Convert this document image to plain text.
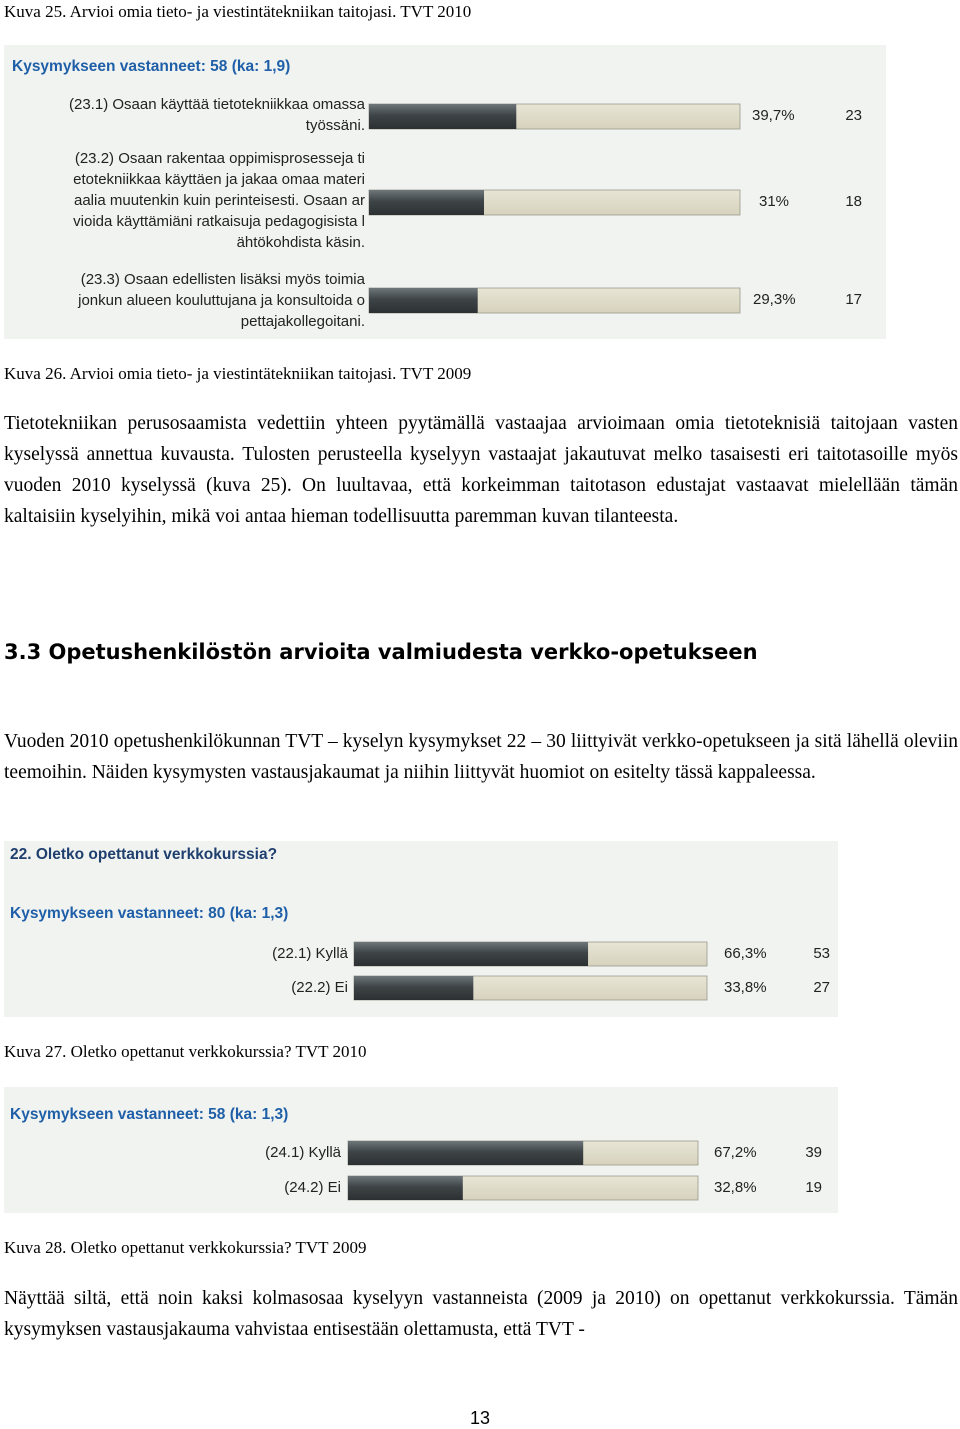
Kuva 25. Arvioi omia tieto- ja viestintätekniikan taitojasi. TVT 2010
Kysymykseen vastanneet: 58 (ka: 1,9)
(23.1) Osaan käyttää tietotekniikkaa omassa
työssäni.
(23.2) Osaan rakentaa oppimisprosesseja ti
etotekniikkaa käyttäen ja jakaa omaa materi
aalia muutenkin kuin perinteisesti. Osaan ar
vioida käyttämiäni ratkaisuja pedagogisista l
ähtökohdista käsin.
(23.3) Osaan edellisten lisäksi myös toimia
jonkun alueen kouluttujana ja konsultoida o
pettajakollegoitani.
39,7%
31%
29,3%
23
18
17
Kuva 26. Arvioi omia tieto- ja viestintätekniikan taitojasi. TVT 2009
Tietotekniikan perusosaamista vedettiin yhteen pyytämällä vastaajaa arvioimaan omia tietoteknisiä taitojaan vasten kyselyssä annettua kuvausta. Tulosten perusteella kyselyyn vastaajat jakautuvat melko tasaisesti eri taitotasoille myös vuoden 2010 kyselyssä (kuva 25). On luultavaa, että korkeimman taitotason edustajat vastaavat mielellään tämän kaltaisiin kyselyihin, mikä voi antaa hieman todellisuutta paremman kuvan tilanteesta.
3.3 Opetushenkilöstön arvioita valmiudesta verkko-opetukseen
Vuoden 2010 opetushenkilökunnan TVT – kyselyn kysymykset 22 – 30 liittyivät verkko-opetukseen ja sitä lähellä oleviin teemoihin. Näiden kysymysten vastausjakaumat ja niihin liittyvät huomiot on esitelty tässä kappaleessa.
22. Oletko opettanut verkkokurssia?
Kysymykseen vastanneet: 80 (ka: 1,3)
(22.1) Kyllä
(22.2) Ei
66,3%
33,8%
53
27
Kuva 27. Oletko opettanut verkkokurssia? TVT 2010
Kysymykseen vastanneet: 58 (ka: 1,3)
(24.1) Kyllä
(24.2) Ei
67,2%
32,8%
39
19
Kuva 28. Oletko opettanut verkkokurssia? TVT 2009
Näyttää siltä, että noin kaksi kolmasosaa kyselyyn vastanneista (2009 ja 2010) on opettanut verkkokurssia. Tämän kysymyksen vastausjakauma vahvistaa entisestään olettamusta, että TVT -
13
